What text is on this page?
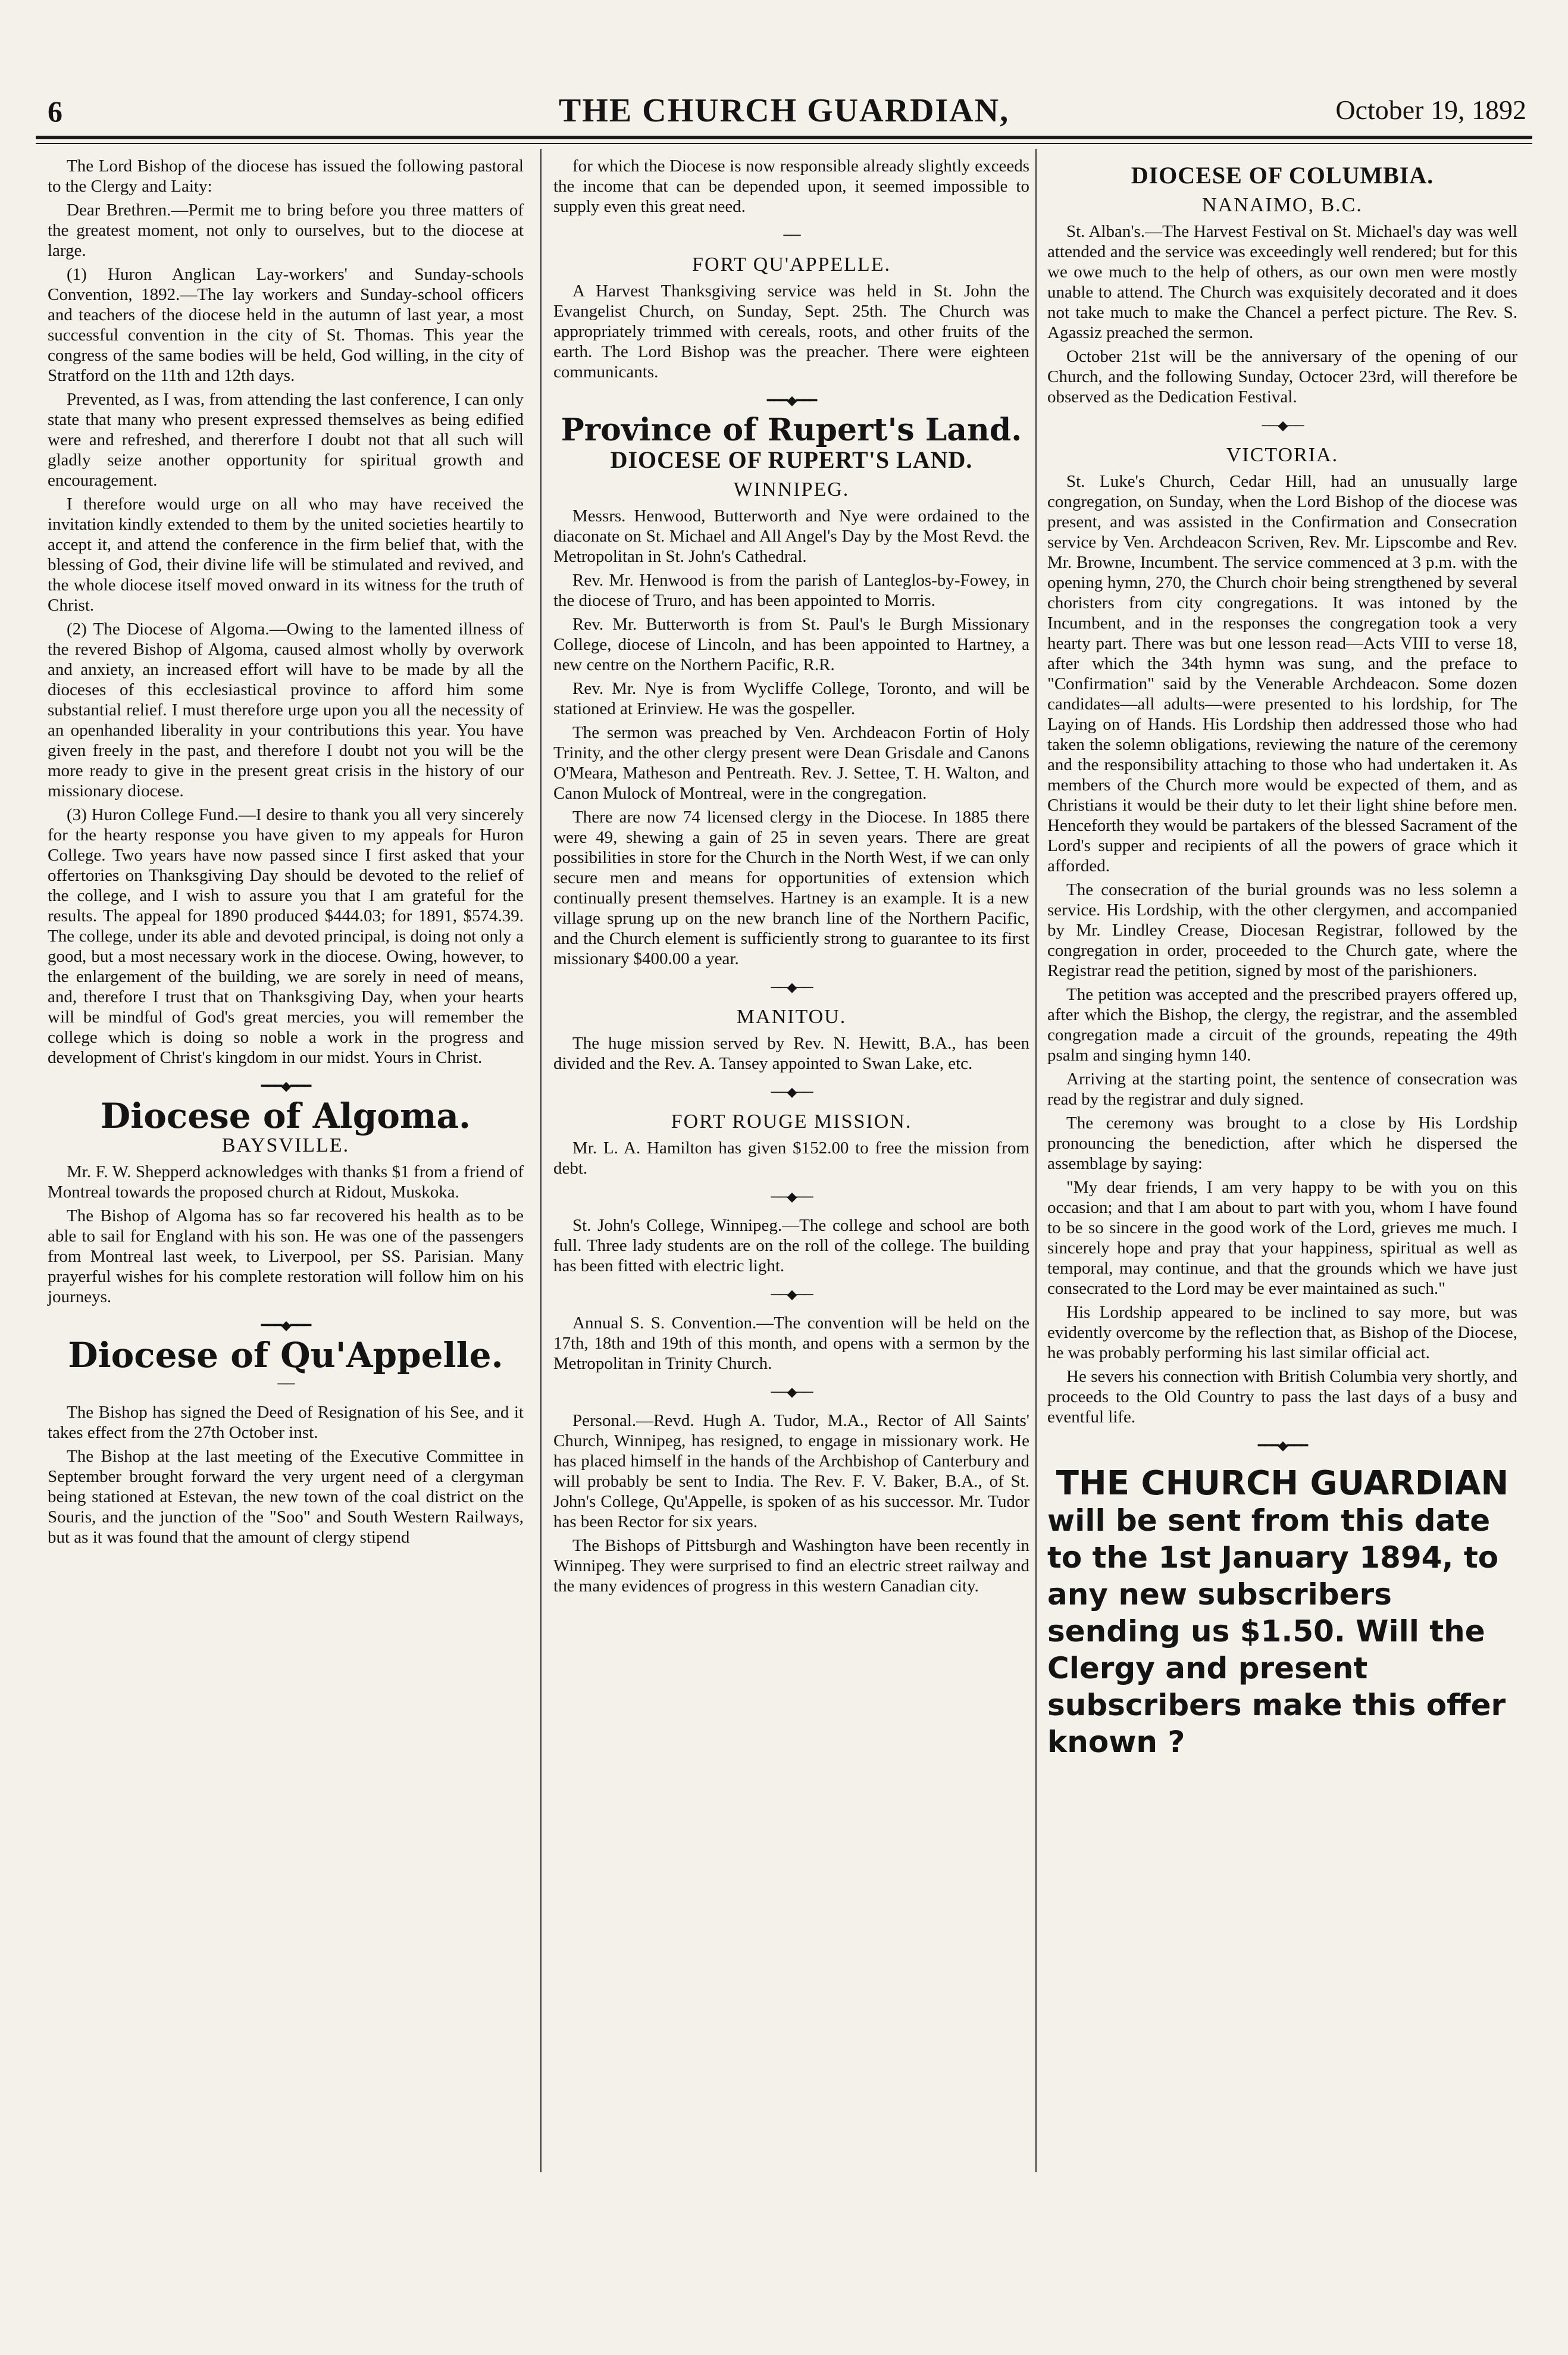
6	THE CHURCH GUARDIAN,	October 19, 1892

The Lord Bishop of the diocese has issued the following pastoral to the Clergy and Laity:

Dear Brethren.—Permit me to bring before you three matters of the greatest moment, not only to ourselves, but to the diocese at large.

(1) Huron Anglican Lay-workers' and Sunday-schools Convention, 1892.—The lay workers and Sunday-school officers and teachers of the diocese held in the autumn of last year, a most successful convention in the city of St. Thomas. This year the congress of the same bodies will be held, God willing, in the city of Stratford on the 11th and 12th days.

Prevented, as I was, from attending the last conference, I can only state that many who present expressed themselves as being edified were and refreshed, and thererfore I doubt not that all such will gladly seize another opportunity for spiritual growth and encouragement.

I therefore would urge on all who may have received the invitation kindly extended to them by the united societies heartily to accept it, and attend the conference in the firm belief that, with the blessing of God, their divine life will be stimulated and revived, and the whole diocese itself moved onward in its witness for the truth of Christ.

(2) The Diocese of Algoma.—Owing to the lamented illness of the revered Bishop of Algoma, caused almost wholly by overwork and anxiety, an increased effort will have to be made by all the dioceses of this ecclesiastical province to afford him some substantial relief. I must therefore urge upon you all the necessity of an openhanded liberality in your contributions this year. You have given freely in the past, and therefore I doubt not you will be the more ready to give in the present great crisis in the history of our missionary diocese.

(3) Huron College Fund.—I desire to thank you all very sincerely for the hearty response you have given to my appeals for Huron College. Two years have now passed since I first asked that your offertories on Thanksgiving Day should be devoted to the relief of the college, and I wish to assure you that I am grateful for the results. The appeal for 1890 produced $444.03; for 1891, $574.39. The college, under its able and devoted principal, is doing not only a good, but a most necessary work in the diocese. Owing, however, to the enlargement of the building, we are sorely in need of means, and, therefore I trust that on Thanksgiving Day, when your hearts will be mindful of God's great mercies, you will remember the college which is doing so noble a work in the progress and development of Christ's kingdom in our midst. Yours in Christ.

━━━◆━━━

Diocese of Algoma.

BAYSVILLE.

Mr. F. W. Shepperd acknowledges with thanks $1 from a friend of Montreal towards the proposed church at Ridout, Muskoka.

The Bishop of Algoma has so far recovered his health as to be able to sail for England with his son. He was one of the passengers from Montreal last week, to Liverpool, per SS. Parisian. Many prayerful wishes for his complete restoration will follow him on his journeys.

━━━◆━━━

Diocese of Qu'Appelle.

──

The Bishop has signed the Deed of Resignation of his See, and it takes effect from the 27th October inst.

The Bishop at the last meeting of the Executive Committee in September brought forward the very urgent need of a clergyman being stationed at Estevan, the new town of the coal district on the Souris, and the junction of the "Soo" and South Western Railways, but as it was found that the amount of clergy stipend

for which the Diocese is now responsible already slightly exceeds the income that can be depended upon, it seemed impossible to supply even this great need.

──

FORT QU'APPELLE.

A Harvest Thanksgiving service was held in St. John the Evangelist Church, on Sunday, Sept. 25th. The Church was appropriately trimmed with cereals, roots, and other fruits of the earth. The Lord Bishop was the preacher. There were eighteen communicants.

━━━◆━━━

Province of Rupert's Land.

DIOCESE OF RUPERT'S LAND.

WINNIPEG.

Messrs. Henwood, Butterworth and Nye were ordained to the diaconate on St. Michael and All Angel's Day by the Most Revd. the Metropolitan in St. John's Cathedral.

Rev. Mr. Henwood is from the parish of Lanteglos-by-Fowey, in the diocese of Truro, and has been appointed to Morris.

Rev. Mr. Butterworth is from St. Paul's le Burgh Missionary College, diocese of Lincoln, and has been appointed to Hartney, a new centre on the Northern Pacific, R.R.

Rev. Mr. Nye is from Wycliffe College, Toronto, and will be stationed at Erinview. He was the gospeller.

The sermon was preached by Ven. Archdeacon Fortin of Holy Trinity, and the other clergy present were Dean Grisdale and Canons O'Meara, Matheson and Pentreath. Rev. J. Settee, T. H. Walton, and Canon Mulock of Montreal, were in the congregation.

There are now 74 licensed clergy in the Diocese. In 1885 there were 49, shewing a gain of 25 in seven years. There are great possibilities in store for the Church in the North West, if we can only secure men and means for opportunities of extension which continually present themselves. Hartney is an example. It is a new village sprung up on the new branch line of the Northern Pacific, and the Church element is sufficiently strong to guarantee to its first missionary $400.00 a year.

──◆──

MANITOU.

The huge mission served by Rev. N. Hewitt, B.A., has been divided and the Rev. A. Tansey appointed to Swan Lake, etc.

──◆──

FORT ROUGE MISSION.

Mr. L. A. Hamilton has given $152.00 to free the mission from debt.

──◆──

St. John's College, Winnipeg.—The college and school are both full. Three lady students are on the roll of the college. The building has been fitted with electric light.

──◆──

Annual S. S. Convention.—The convention will be held on the 17th, 18th and 19th of this month, and opens with a sermon by the Metropolitan in Trinity Church.

──◆──

Personal.—Revd. Hugh A. Tudor, M.A., Rector of All Saints' Church, Winnipeg, has resigned, to engage in missionary work. He has placed himself in the hands of the Archbishop of Canterbury and will probably be sent to India. The Rev. F. V. Baker, B.A., of St. John's College, Qu'Appelle, is spoken of as his successor. Mr. Tudor has been Rector for six years.

The Bishops of Pittsburgh and Washington have been recently in Winnipeg. They were surprised to find an electric street railway and the many evidences of progress in this western Canadian city.

DIOCESE OF COLUMBIA.

NANAIMO, B.C.

St. Alban's.—The Harvest Festival on St. Michael's day was well attended and the service was exceedingly well rendered; but for this we owe much to the help of others, as our own men were mostly unable to attend. The Church was exquisitely decorated and it does not take much to make the Chancel a perfect picture. The Rev. S. Agassiz preached the sermon.

October 21st will be the anniversary of the opening of our Church, and the following Sunday, Octocer 23rd, will therefore be observed as the Dedication Festival.

──◆──

VICTORIA.

St. Luke's Church, Cedar Hill, had an unusually large congregation, on Sunday, when the Lord Bishop of the diocese was present, and was assisted in the Confirmation and Consecration service by Ven. Archdeacon Scriven, Rev. Mr. Lipscombe and Rev. Mr. Browne, Incumbent. The service commenced at 3 p.m. with the opening hymn, 270, the Church choir being strengthened by several choristers from city congregations. It was intoned by the Incumbent, and in the responses the congregation took a very hearty part. There was but one lesson read—Acts VIII to verse 18, after which the 34th hymn was sung, and the preface to "Confirmation" said by the Venerable Archdeacon. Some dozen candidates—all adults—were presented to his lordship, for The Laying on of Hands. His Lordship then addressed those who had taken the solemn obligations, reviewing the nature of the ceremony and the responsibility attaching to those who had undertaken it. As members of the Church more would be expected of them, and as Christians it would be their duty to let their light shine before men. Henceforth they would be partakers of the blessed Sacrament of the Lord's supper and recipients of all the powers of grace which it afforded.

The consecration of the burial grounds was no less solemn a service. His Lordship, with the other clergymen, and accompanied by Mr. Lindley Crease, Diocesan Registrar, followed by the congregation in order, proceeded to the Church gate, where the Registrar read the petition, signed by most of the parishioners.

The petition was accepted and the prescribed prayers offered up, after which the Bishop, the clergy, the registrar, and the assembled congregation made a circuit of the grounds, repeating the 49th psalm and singing hymn 140.

Arriving at the starting point, the sentence of consecration was read by the registrar and duly signed.

The ceremony was brought to a close by His Lordship pronouncing the benediction, after which he dispersed the assemblage by saying:

"My dear friends, I am very happy to be with you on this occasion; and that I am about to part with you, whom I have found to be so sincere in the good work of the Lord, grieves me much. I sincerely hope and pray that your happiness, spiritual as well as temporal, may continue, and that the grounds which we have just consecrated to the Lord may be ever maintained as such."

His Lordship appeared to be inclined to say more, but was evidently overcome by the reflection that, as Bishop of the Diocese, he was probably performing his last similar official act.

He severs his connection with British Columbia very shortly, and proceeds to the Old Country to pass the last days of a busy and eventful life.

━━━◆━━━
THE CHURCH GUARDIAN
will be sent from this date to the 1st January 1894, to any new subscribers sending us $1.50. Will the Clergy and present subscribers make this offer known ?
